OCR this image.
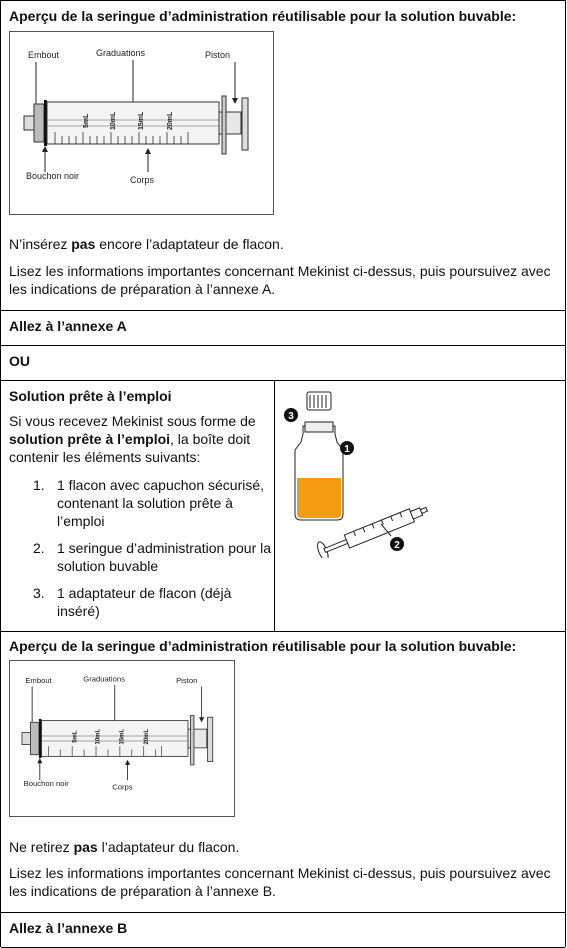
Aperçu de la seringue d’administration réutilisable pour la solution buvable:
Embout	Graduations	Piston
5mL	10mL	15mL	20mL
Bouchon noir	Corps
N’insérez pas encore l’adaptateur de flacon.
Lisez les informations importantes concernant Mekinist ci-dessus, puis poursuivez avec les indications de préparation à l’annexe A.
Allez à l’annexe A
OU
Solution prête à l’emploi
Si vous recevez Mekinist sous forme de solution prête à l’emploi, la boîte doit contenir les éléments suivants:
1. 1 flacon avec capuchon sécurisé, contenant la solution prête à l’emploi
2. 1 seringue d’administration pour la solution buvable
3. 1 adaptateur de flacon (déjà inséré)
3
1
2
Aperçu de la seringue d’administration réutilisable pour la solution buvable:
Embout	Graduations	Piston
5mL 10mL	15mL	20mL
Bouchon noir	Corps
Ne retirez pas l’adaptateur du flacon.
Lisez les informations importantes concernant Mekinist ci-dessus, puis poursuivez avec les indications de préparation à l’annexe B.
Allez à l’annexe B
